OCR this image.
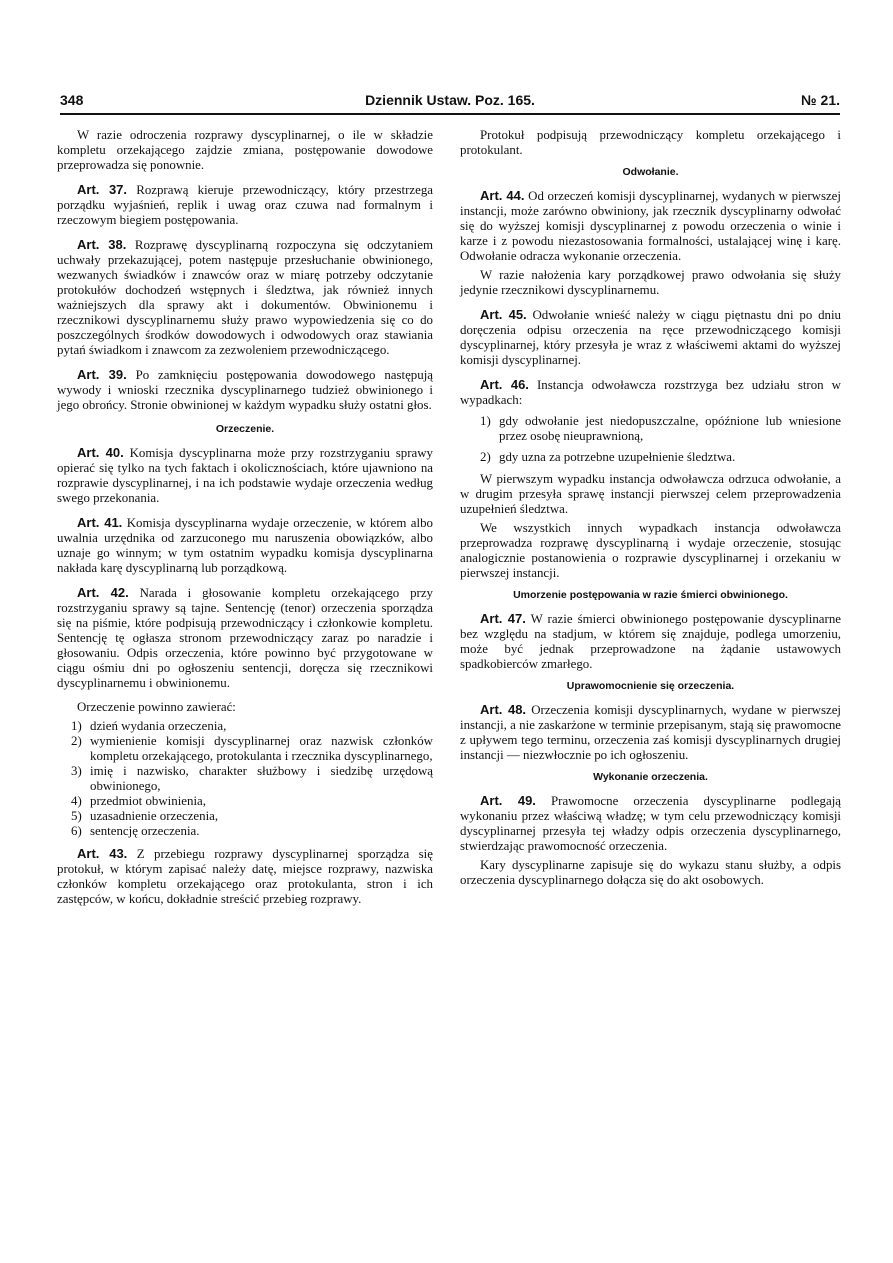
348	Dziennik Ustaw. Poz. 165.	№ 21.

W razie odroczenia rozprawy dyscyplinarnej, o ile w składzie kompletu orzekającego zajdzie zmiana, postępowanie dowodowe przeprowadza się ponownie.

Art. 37. Rozprawą kieruje przewodniczący, który przestrzega porządku wyjaśnień, replik i uwag oraz czuwa nad formalnym i rzeczowym biegiem postępowania.

Art. 38. Rozprawę dyscyplinarną rozpoczyna się odczytaniem uchwały przekazującej, potem następuje przesłuchanie obwinionego, wezwanych świadków i znawców oraz w miarę potrzeby odczytanie protokułów dochodzeń wstępnych i śledztwa, jak również innych ważniejszych dla sprawy akt i dokumentów. Obwinionemu i rzecznikowi dyscyplinarnemu służy prawo wypowiedzenia się co do poszczególnych środków dowodowych i odwodowych oraz stawiania pytań świadkom i znawcom za zezwoleniem przewodniczącego.

Art. 39. Po zamknięciu postępowania dowodowego następują wywody i wnioski rzecznika dyscyplinarnego tudzież obwinionego i jego obrońcy. Stronie obwinionej w każdym wypadku służy ostatni głos.

Orzeczenie.

Art. 40. Komisja dyscyplinarna może przy rozstrzyganiu sprawy opierać się tylko na tych faktach i okolicznościach, które ujawniono na rozprawie dyscyplinarnej, i na ich podstawie wydaje orzeczenia według swego przekonania.

Art. 41. Komisja dyscyplinarna wydaje orzeczenie, w którem albo uwalnia urzędnika od zarzuconego mu naruszenia obowiązków, albo uznaje go winnym; w tym ostatnim wypadku komisja dyscyplinarna nakłada karę dyscyplinarną lub porządkową.

Art. 42. Narada i głosowanie kompletu orzekającego przy rozstrzyganiu sprawy są tajne. Sentencję (tenor) orzeczenia sporządza się na piśmie, które podpisują przewodniczący i członkowie kompletu. Sentencję tę ogłasza stronom przewodniczący zaraz po naradzie i głosowaniu. Odpis orzeczenia, które powinno być przygotowane w ciągu ośmiu dni po ogłoszeniu sentencji, doręcza się rzecznikowi dyscyplinarnemu i obwinionemu.

Orzeczenie powinno zawierać:

1) dzień wydania orzeczenia,
2) wymienienie komisji dyscyplinarnej oraz nazwisk członków kompletu orzekającego, protokulanta i rzecznika dyscyplinarnego,
3) imię i nazwisko, charakter służbowy i siedzibę urzędową obwinionego,
4) przedmiot obwinienia,
5) uzasadnienie orzeczenia,
6) sentencję orzeczenia.

Art. 43. Z przebiegu rozprawy dyscyplinarnej sporządza się protokuł, w którym zapisać należy datę, miejsce rozprawy, nazwiska członków kompletu orzekającego oraz protokulanta, stron i ich zastępców, w końcu, dokładnie streścić przebieg rozprawy.

Protokuł podpisują przewodniczący kompletu orzekającego i protokulant.

Odwołanie.

Art. 44. Od orzeczeń komisji dyscyplinarnej, wydanych w pierwszej instancji, może zarówno obwiniony, jak rzecznik dyscyplinarny odwołać się do wyższej komisji dyscyplinarnej z powodu orzeczenia o winie i karze i z powodu niezastosowania formalności, ustalającej winę i karę. Odwołanie odracza wykonanie orzeczenia.

W razie nałożenia kary porządkowej prawo odwołania się służy jedynie rzecznikowi dyscyplinarnemu.

Art. 45. Odwołanie wnieść należy w ciągu piętnastu dni po dniu doręczenia odpisu orzeczenia na ręce przewodniczącego komisji dyscyplinarnej, który przesyła je wraz z właściwemi aktami do wyższej komisji dyscyplinarnej.

Art. 46. Instancja odwoławcza rozstrzyga bez udziału stron w wypadkach:

1) gdy odwołanie jest niedopuszczalne, opóźnione lub wniesione przez osobę nieuprawnioną,
2) gdy uzna za potrzebne uzupełnienie śledztwa.

W pierwszym wypadku instancja odwoławcza odrzuca odwołanie, a w drugim przesyła sprawę instancji pierwszej celem przeprowadzenia uzupełnień śledztwa.

We wszystkich innych wypadkach instancja odwoławcza przeprowadza rozprawę dyscyplinarną i wydaje orzeczenie, stosując analogicznie postanowienia o rozprawie dyscyplinarnej i orzekaniu w pierwszej instancji.

Umorzenie postępowania w razie śmierci obwinionego.

Art. 47. W razie śmierci obwinionego postępowanie dyscyplinarne bez względu na stadjum, w którem się znajduje, podlega umorzeniu, może być jednak przeprowadzone na żądanie ustawowych spadkobierców zmarłego.

Uprawomocnienie się orzeczenia.

Art. 48. Orzeczenia komisji dyscyplinarnych, wydane w pierwszej instancji, a nie zaskarżone w terminie przepisanym, stają się prawomocne z upływem tego terminu, orzeczenia zaś komisji dyscyplinarnych drugiej instancji — niezwłocznie po ich ogłoszeniu.

Wykonanie orzeczenia.

Art. 49. Prawomocne orzeczenia dyscyplinarne podlegają wykonaniu przez właściwą władzę; w tym celu przewodniczący komisji dyscyplinarnej przesyła tej władzy odpis orzeczenia dyscyplinarnego, stwierdzając prawomocność orzeczenia.

Kary dyscyplinarne zapisuje się do wykazu stanu służby, a odpis orzeczenia dyscyplinarnego dołącza się do akt osobowych.
